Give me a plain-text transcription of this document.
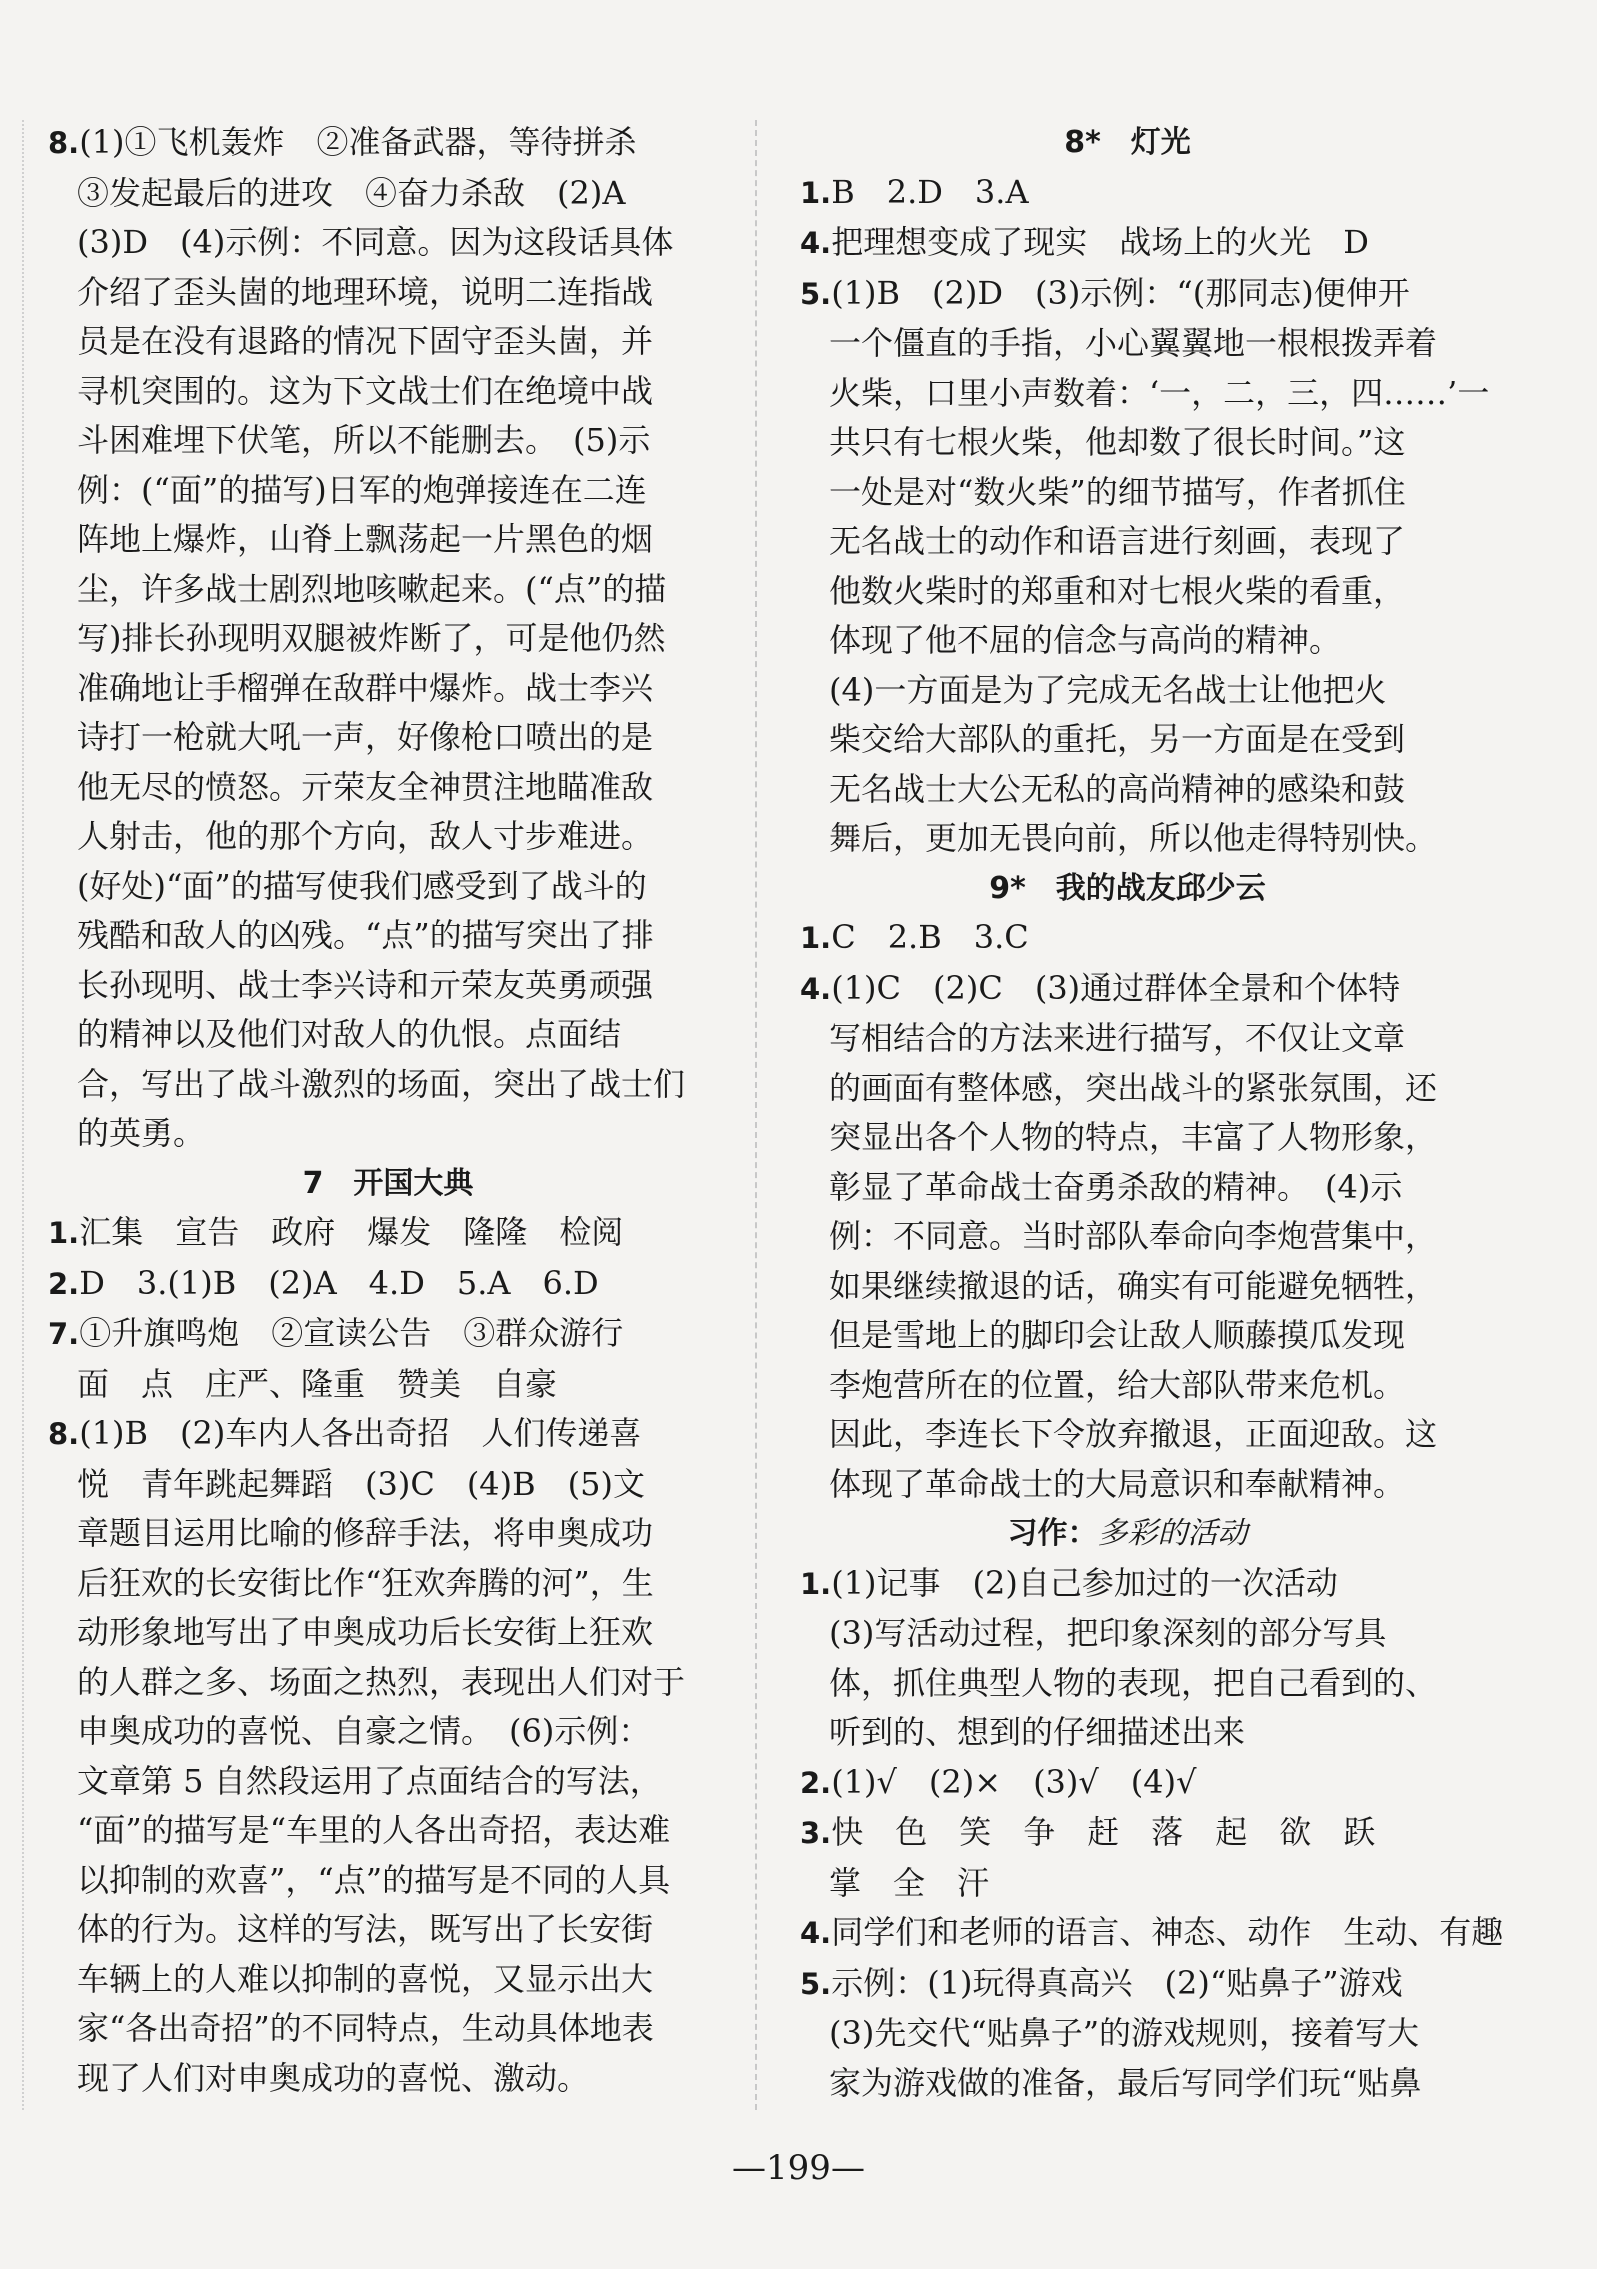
8.(1)①飞机轰炸　②准备武器，等待拼杀
③发起最后的进攻　④奋力杀敌　(2)A
(3)D　(4)示例：不同意。因为这段话具体
介绍了歪头崮的地理环境，说明二连指战
员是在没有退路的情况下固守歪头崮，并
寻机突围的。这为下文战士们在绝境中战
斗困难埋下伏笔，所以不能删去。　(5)示
例：(“面”的描写)日军的炮弹接连在二连
阵地上爆炸，山脊上飘荡起一片黑色的烟
尘，许多战士剧烈地咳嗽起来。(“点”的描
写)排长孙现明双腿被炸断了，可是他仍然
准确地让手榴弹在敌群中爆炸。战士李兴
诗打一枪就大吼一声，好像枪口喷出的是
他无尽的愤怒。亓荣友全神贯注地瞄准敌
人射击，他的那个方向，敌人寸步难进。
(好处)“面”的描写使我们感受到了战斗的
残酷和敌人的凶残。“点”的描写突出了排
长孙现明、战士李兴诗和亓荣友英勇顽强
的精神以及他们对敌人的仇恨。点面结
合，写出了战斗激烈的场面，突出了战士们
的英勇。
7　开国大典
1.汇集　宣告　政府　爆发　隆隆　检阅
2.D　3.(1)B　(2)A　4.D　5.A　6.D
7.①升旗鸣炮　②宣读公告　③群众游行
面　点　庄严、隆重　赞美　自豪
8.(1)B　(2)车内人各出奇招　人们传递喜
悦　青年跳起舞蹈　(3)C　(4)B　(5)文
章题目运用比喻的修辞手法，将申奥成功
后狂欢的长安街比作“狂欢奔腾的河”，生
动形象地写出了申奥成功后长安街上狂欢
的人群之多、场面之热烈，表现出人们对于
申奥成功的喜悦、自豪之情。　(6)示例：
文章第 5 自然段运用了点面结合的写法，
“面”的描写是“车里的人各出奇招，表达难
以抑制的欢喜”，“点”的描写是不同的人具
体的行为。这样的写法，既写出了长安街
车辆上的人难以抑制的喜悦，又显示出大
家“各出奇招”的不同特点，生动具体地表
现了人们对申奥成功的喜悦、激动。
8*　灯光
1.B　2.D　3.A
4.把理想变成了现实　战场上的火光　D
5.(1)B　(2)D　(3)示例：“(那同志)便伸开
一个僵直的手指，小心翼翼地一根根拨弄着
火柴，口里小声数着：‘一，二，三，四……’一
共只有七根火柴，他却数了很长时间。”这
一处是对“数火柴”的细节描写，作者抓住
无名战士的动作和语言进行刻画，表现了
他数火柴时的郑重和对七根火柴的看重，
体现了他不屈的信念与高尚的精神。
(4)一方面是为了完成无名战士让他把火
柴交给大部队的重托，另一方面是在受到
无名战士大公无私的高尚精神的感染和鼓
舞后，更加无畏向前，所以他走得特别快。
9*　我的战友邱少云
1.C　2.B　3.C
4.(1)C　(2)C　(3)通过群体全景和个体特
写相结合的方法来进行描写，不仅让文章
的画面有整体感，突出战斗的紧张氛围，还
突显出各个人物的特点，丰富了人物形象，
彰显了革命战士奋勇杀敌的精神。　(4)示
例：不同意。当时部队奉命向李炮营集中，
如果继续撤退的话，确实有可能避免牺牲，
但是雪地上的脚印会让敌人顺藤摸瓜发现
李炮营所在的位置，给大部队带来危机。
因此，李连长下令放弃撤退，正面迎敌。这
体现了革命战士的大局意识和奉献精神。
习作：多彩的活动
1.(1)记事　(2)自己参加过的一次活动
(3)写活动过程，把印象深刻的部分写具
体，抓住典型人物的表现，把自己看到的、
听到的、想到的仔细描述出来
2.(1)√　(2)×　(3)√　(4)√
3.快　色　笑　争　赶　落　起　欲　跃
掌　全　汗
4.同学们和老师的语言、神态、动作　生动、有趣
5.示例：(1)玩得真高兴　(2)“贴鼻子”游戏
(3)先交代“贴鼻子”的游戏规则，接着写大
家为游戏做的准备，最后写同学们玩“贴鼻
—199—
